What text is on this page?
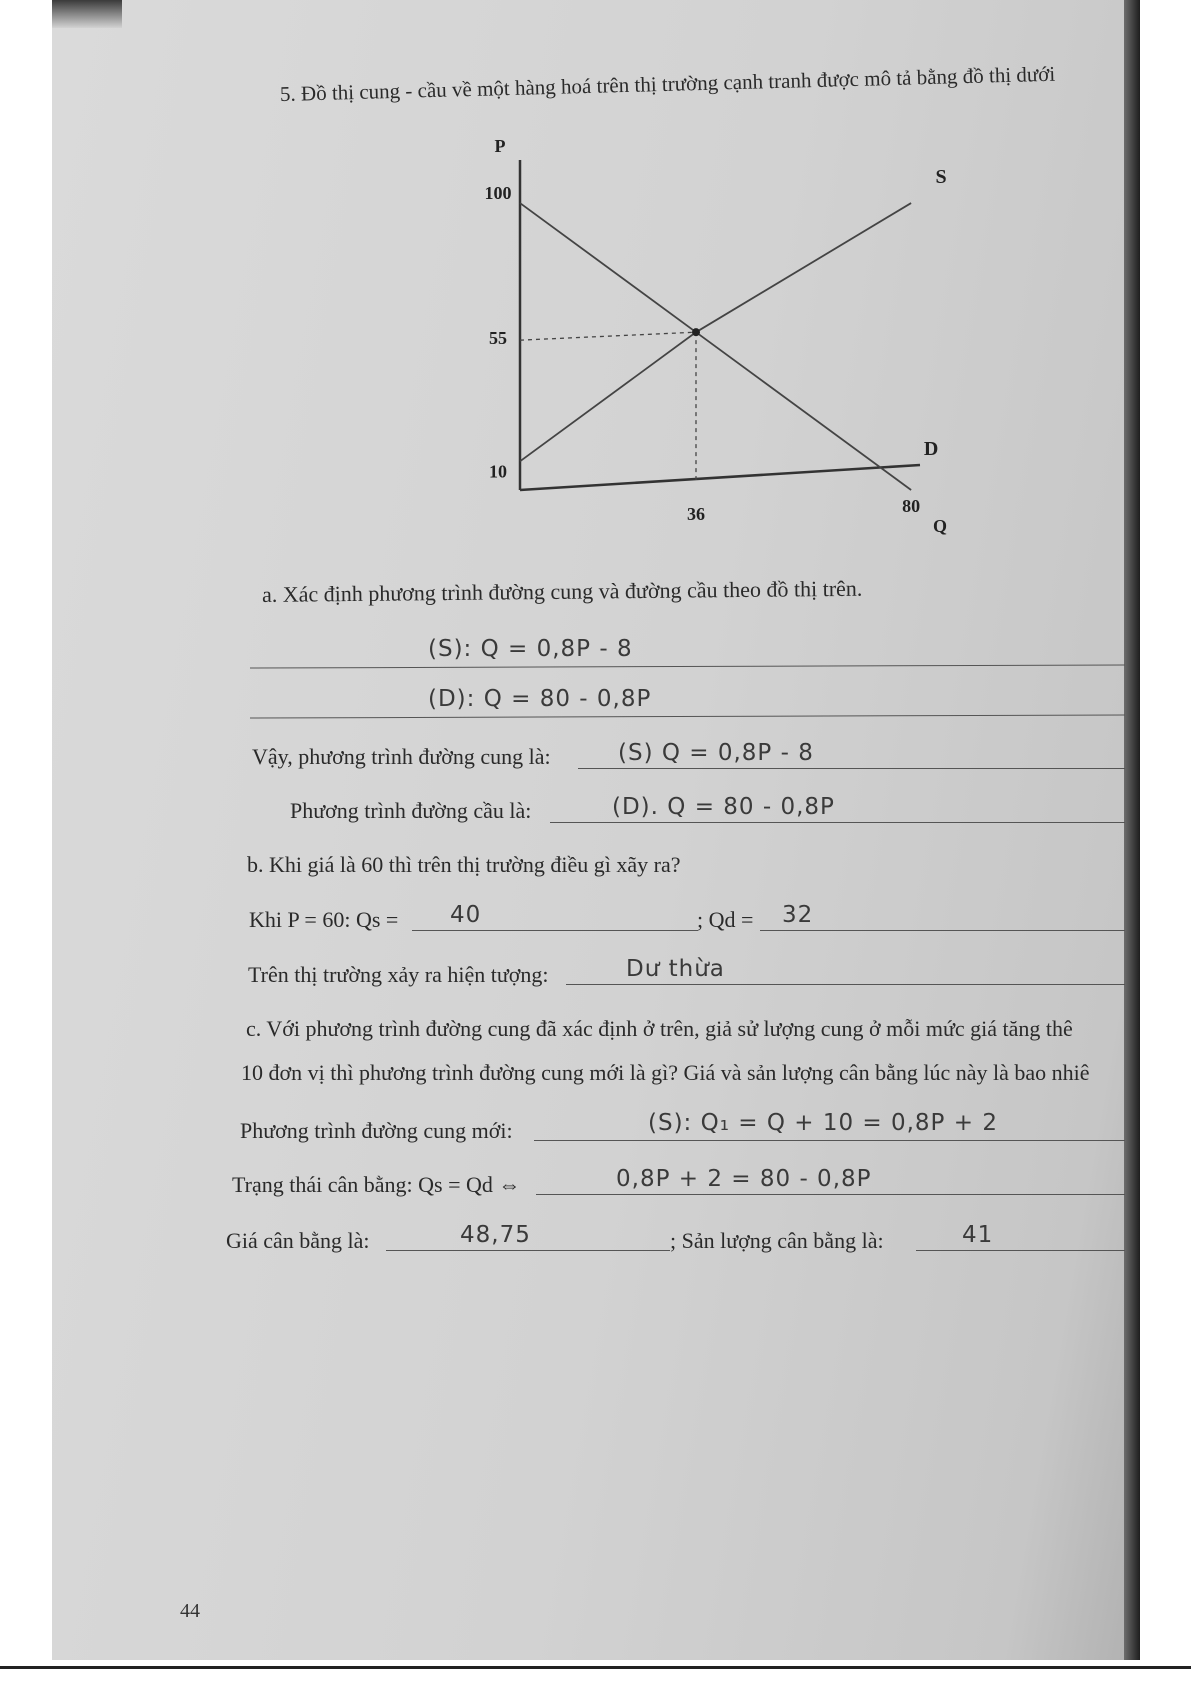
5. Đồ thị cung - cầu về một hàng hoá trên thị trường cạnh tranh được mô tả bằng đồ thị dưới
P
Q
S
D
100
55
10
36	80
a. Xác định phương trình đường cung và đường cầu theo đồ thị trên.
(S): Q = 0,8P - 8
(D): Q = 80 - 0,8P
Vậy, phương trình đường cung là:	(S) Q = 0,8P - 8
Phương trình đường cầu là:	(D). Q = 80 - 0,8P
b. Khi giá là 60 thì trên thị trường điều gì xãy ra?
Khi P = 60: Qs = 40	; Qd = 32
Trên thị trường xảy ra hiện tượng:	Dư thừa
c. Với phương trình đường cung đã xác định ở trên, giả sử lượng cung ở mỗi mức giá tăng thê
10 đơn vị thì phương trình đường cung mới là gì? Giá và sản lượng cân bằng lúc này là bao nhiê
Phương trình đường cung mới:	(S): Q₁ = Q + 10 = 0,8P + 2
Trạng thái cân bằng: Qs = Qd ⇔	0,8P + 2 = 80 - 0,8P
Giá cân bằng là:	48,75	; Sản lượng cân bằng là:	41
44
